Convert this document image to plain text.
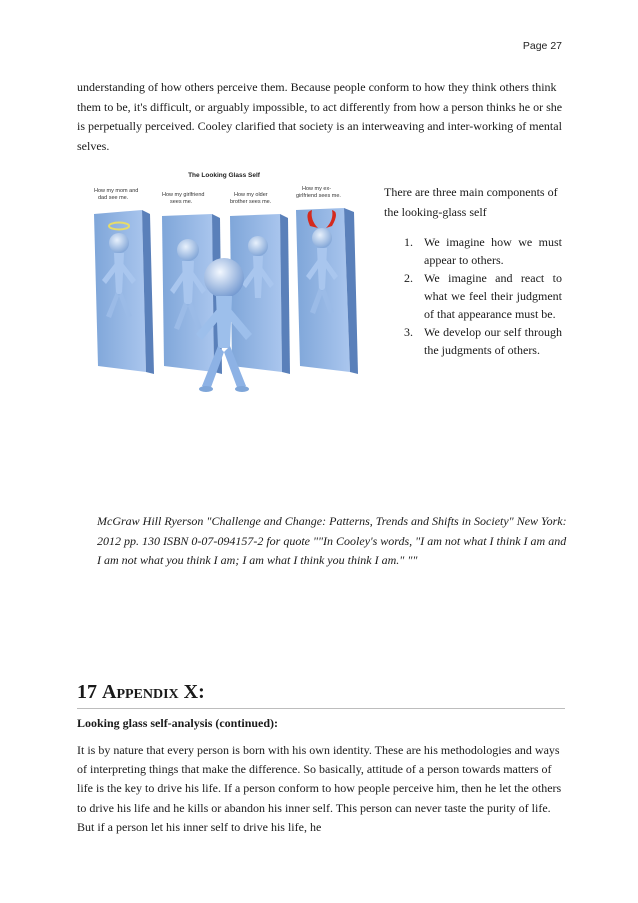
Page 27

understanding of how others perceive them. Because people conform to how they think others think them to be, it's difficult, or arguably impossible, to act differently from how a person thinks he or she is perpetually perceived. Cooley clarified that society is an interweaving and inter-working of mental selves.

The Looking Glass Self
How my mom and dad see me.	How my girlfriend sees me.
How my older brother sees me.
How my ex-girlfriend sees me.	There are three main components of the looking-glass self

1. We imagine how we must appear to others.
2. We imagine and react to what we feel their judgment of that appearance must be.
3. We develop our self through the judgments of others.

McGraw Hill Ryerson "Challenge and Change: Patterns, Trends and Shifts in Society" New York: 2012 pp. 130 ISBN 0-07-094157-2 for quote ""In Cooley's words, "I am not what I think I am and I am not what you think I am; I am what I think you think I am." ""

17 Appendix X:

Looking glass self-analysis (continued):

It is by nature that every person is born with his own identity. These are his methodologies and ways of interpreting things that make the difference. So basically, attitude of a person towards matters of life is the key to drive his life. If a person conform to how people perceive him, then he let the others to drive his life and he kills or abandon his inner self. This person can never taste the purity of life. But if a person let his inner self to drive his life, he
